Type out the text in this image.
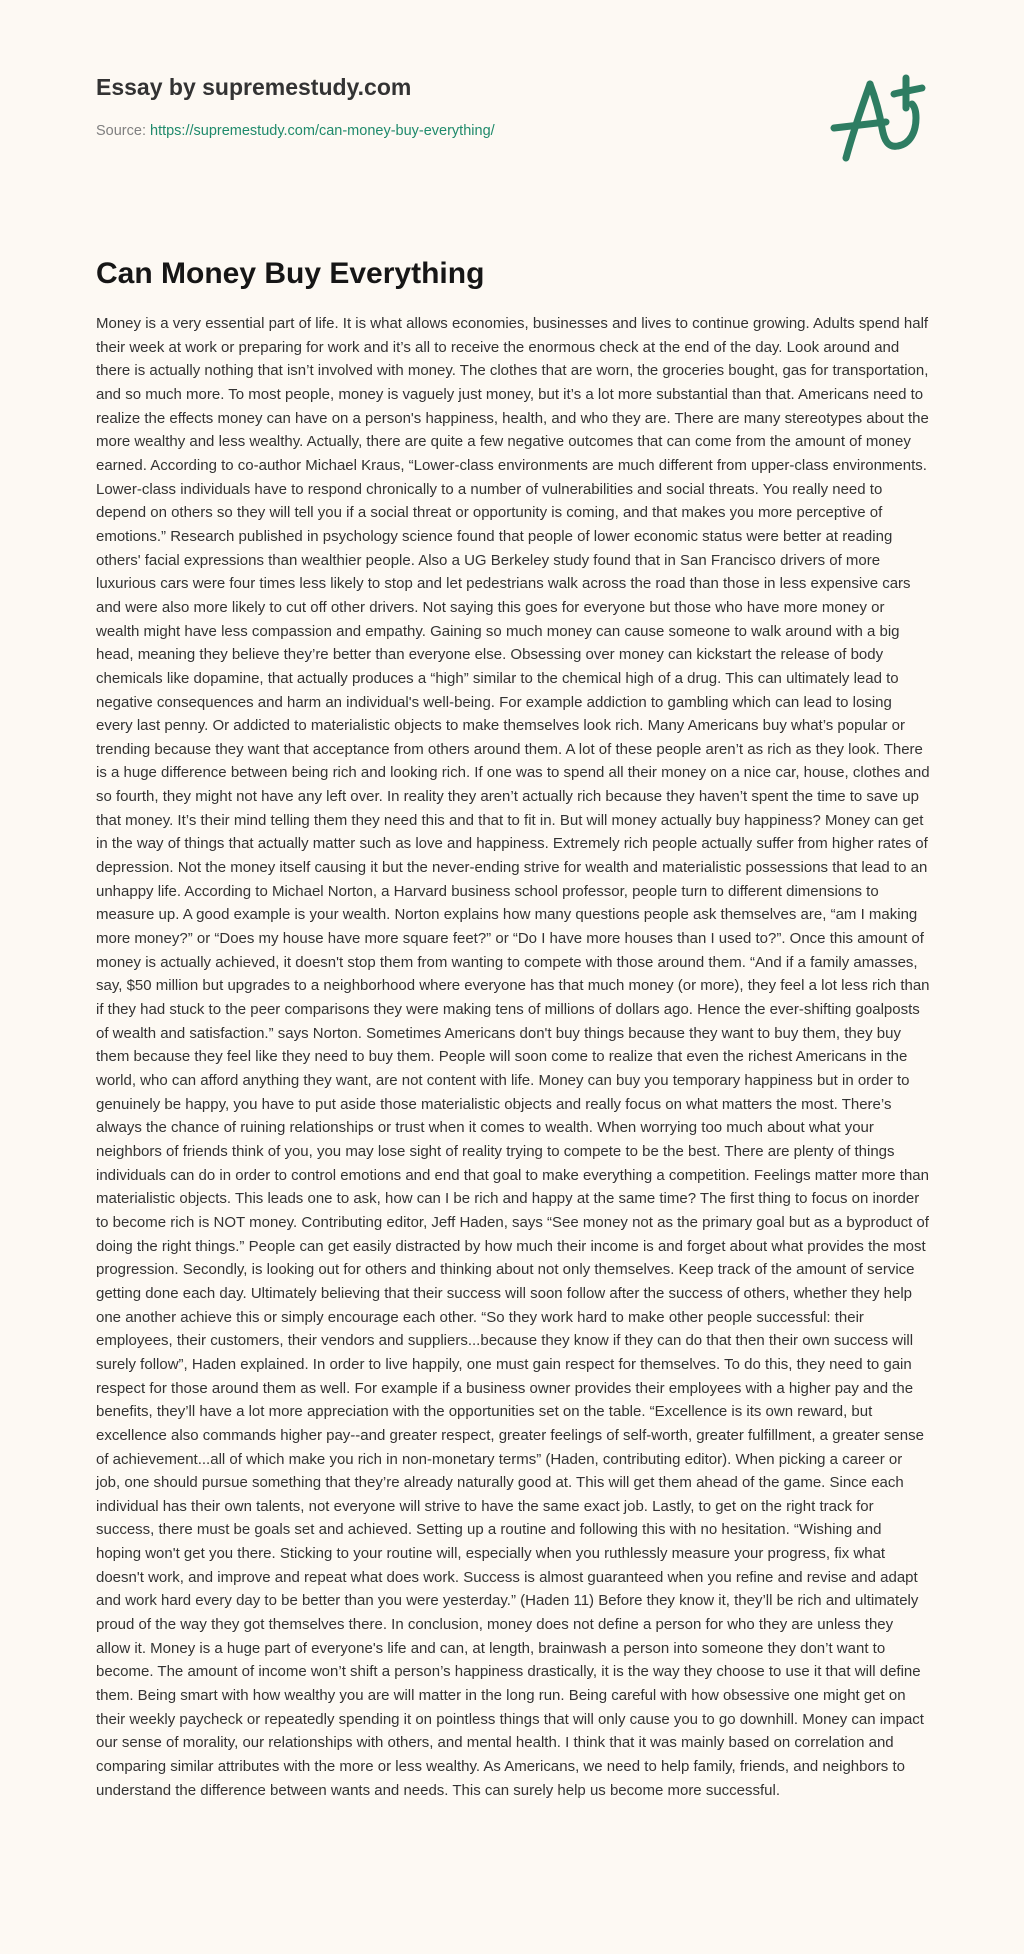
Essay by supremestudy.com
Source: https://supremestudy.com/can-money-buy-everything/
Can Money Buy Everything

Money is a very essential part of life. It is what allows economies, businesses and lives to continue growing. Adults spend half their week at work or preparing for work and it’s all to receive the enormous check at the end of the day. Look around and there is actually nothing that isn’t involved with money. The clothes that are worn, the groceries bought, gas for transportation, and so much more. To most people, money is vaguely just money, but it’s a lot more substantial than that. Americans need to realize the effects money can have on a person's happiness, health, and who they are. There are many stereotypes about the more wealthy and less wealthy. Actually, there are quite a few negative outcomes that can come from the amount of money earned. According to co-author Michael Kraus, “Lower-class environments are much different from upper-class environments. Lower-class individuals have to respond chronically to a number of vulnerabilities and social threats. You really need to depend on others so they will tell you if a social threat or opportunity is coming, and that makes you more perceptive of emotions.” Research published in psychology science found that people of lower economic status were better at reading others' facial expressions than wealthier people. Also a UG Berkeley study found that in San Francisco drivers of more luxurious cars were four times less likely to stop and let pedestrians walk across the road than those in less expensive cars and were also more likely to cut off other drivers. Not saying this goes for everyone but those who have more money or wealth might have less compassion and empathy. Gaining so much money can cause someone to walk around with a big head, meaning they believe they’re better than everyone else. Obsessing over money can kickstart the release of body chemicals like dopamine, that actually produces a “high” similar to the chemical high of a drug. This can ultimately lead to negative consequences and harm an individual's well-being. For example addiction to gambling which can lead to losing every last penny. Or addicted to materialistic objects to make themselves look rich. Many Americans buy what’s popular or trending because they want that acceptance from others around them. A lot of these people aren’t as rich as they look. There is a huge difference between being rich and looking rich. If one was to spend all their money on a nice car, house, clothes and so fourth, they might not have any left over. In reality they aren’t actually rich because they haven’t spent the time to save up that money. It’s their mind telling them they need this and that to fit in. But will money actually buy happiness? Money can get in the way of things that actually matter such as love and happiness. Extremely rich people actually suffer from higher rates of depression. Not the money itself causing it but the never-ending strive for wealth and materialistic possessions that lead to an unhappy life. According to Michael Norton, a Harvard business school professor, people turn to different dimensions to measure up. A good example is your wealth. Norton explains how many questions people ask themselves are, “am I making more money?” or “Does my house have more square feet?” or “Do I have more houses than I used to?”. Once this amount of money is actually achieved, it doesn't stop them from wanting to compete with those around them. “And if a family amasses, say, $50 million but upgrades to a neighborhood where everyone has that much money (or more), they feel a lot less rich than if they had stuck to the peer comparisons they were making tens of millions of dollars ago. Hence the ever-shifting goalposts of wealth and satisfaction.” says Norton. Sometimes Americans don't buy things because they want to buy them, they buy them because they feel like they need to buy them. People will soon come to realize that even the richest Americans in the world, who can afford anything they want, are not content with life. Money can buy you temporary happiness but in order to genuinely be happy, you have to put aside those materialistic objects and really focus on what matters the most. There’s always the chance of ruining relationships or trust when it comes to wealth. When worrying too much about what your neighbors of friends think of you, you may lose sight of reality trying to compete to be the best. There are plenty of things individuals can do in order to control emotions and end that goal to make everything a competition. Feelings matter more than materialistic objects. This leads one to ask, how can I be rich and happy at the same time? The first thing to focus on inorder to become rich is NOT money. Contributing editor, Jeff Haden, says “See money not as the primary goal but as a byproduct of doing the right things.” People can get easily distracted by how much their income is and forget about what provides the most progression. Secondly, is looking out for others and thinking about not only themselves. Keep track of the amount of service getting done each day. Ultimately believing that their success will soon follow after the success of others, whether they help one another achieve this or simply encourage each other. “So they work hard to make other people successful: their employees, their customers, their vendors and suppliers...because they know if they can do that then their own success will surely follow”, Haden explained. In order to live happily, one must gain respect for themselves. To do this, they need to gain respect for those around them as well. For example if a business owner provides their employees with a higher pay and the benefits, they’ll have a lot more appreciation with the opportunities set on the table. “Excellence is its own reward, but excellence also commands higher pay--and greater respect, greater feelings of self-worth, greater fulfillment, a greater sense of achievement...all of which make you rich in non-monetary terms” (Haden, contributing editor). When picking a career or job, one should pursue something that they’re already naturally good at. This will get them ahead of the game. Since each individual has their own talents, not everyone will strive to have the same exact job. Lastly, to get on the right track for success, there must be goals set and achieved. Setting up a routine and following this with no hesitation. “Wishing and hoping won't get you there. Sticking to your routine will, especially when you ruthlessly measure your progress, fix what doesn't work, and improve and repeat what does work. Success is almost guaranteed when you refine and revise and adapt and work hard every day to be better than you were yesterday.” (Haden 11) Before they know it, they’ll be rich and ultimately proud of the way they got themselves there. In conclusion, money does not define a person for who they are unless they allow it. Money is a huge part of everyone's life and can, at length, brainwash a person into someone they don’t want to become. The amount of income won’t shift a person’s happiness drastically, it is the way they choose to use it that will define them. Being smart with how wealthy you are will matter in the long run. Being careful with how obsessive one might get on their weekly paycheck or repeatedly spending it on pointless things that will only cause you to go downhill. Money can impact our sense of morality, our relationships with others, and mental health. I think that it was mainly based on correlation and comparing similar attributes with the more or less wealthy. As Americans, we need to help family, friends, and neighbors to understand the difference between wants and needs. This can surely help us become more successful.
